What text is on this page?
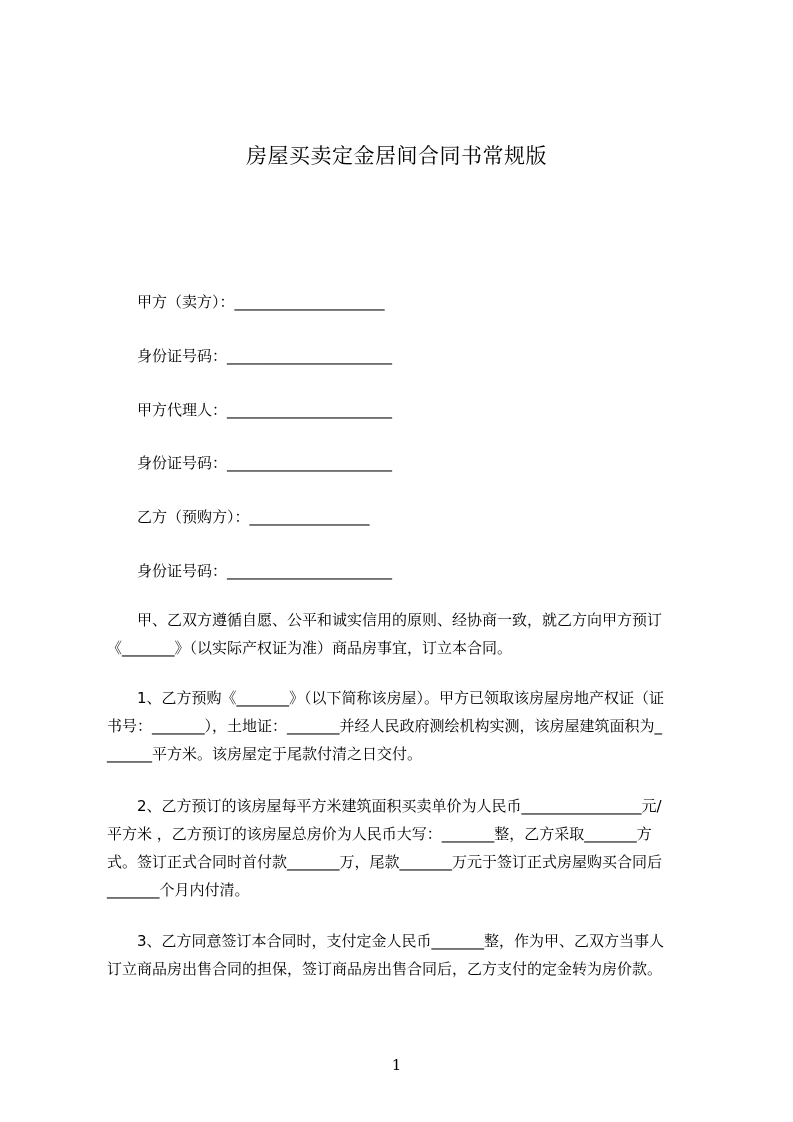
房屋买卖定金居间合同书常规版
甲方（卖方）：____________________
身份证号码：______________________
甲方代理人：______________________
身份证号码：______________________
乙方（预购方）：________________
身份证号码：______________________

甲、乙双方遵循自愿、公平和诚实信用的原则、经协商一致，就乙方向甲方预订
《_______》（以实际产权证为准）商品房事宜，订立本合同。

1、乙方预购《_______》（以下简称该房屋）。甲方已领取该房屋房地产权证（证
书号：_______），土地证：_______并经人民政府测绘机构实测，该房屋建筑面积为_
______平方米。该房屋定于尾款付清之日交付。

2、乙方预订的该房屋每平方米建筑面积买卖单价为人民币________________元/
平方米 ，乙方预订的该房屋总房价为人民币大写：_______整，乙方采取_______方
式。签订正式合同时首付款_______万，尾款_______万元于签订正式房屋购买合同后
_______个月内付清。

3、乙方同意签订本合同时，支付定金人民币_______整，作为甲、乙双方当事人
订立商品房出售合同的担保，签订商品房出售合同后，乙方支付的定金转为房价款。

1
